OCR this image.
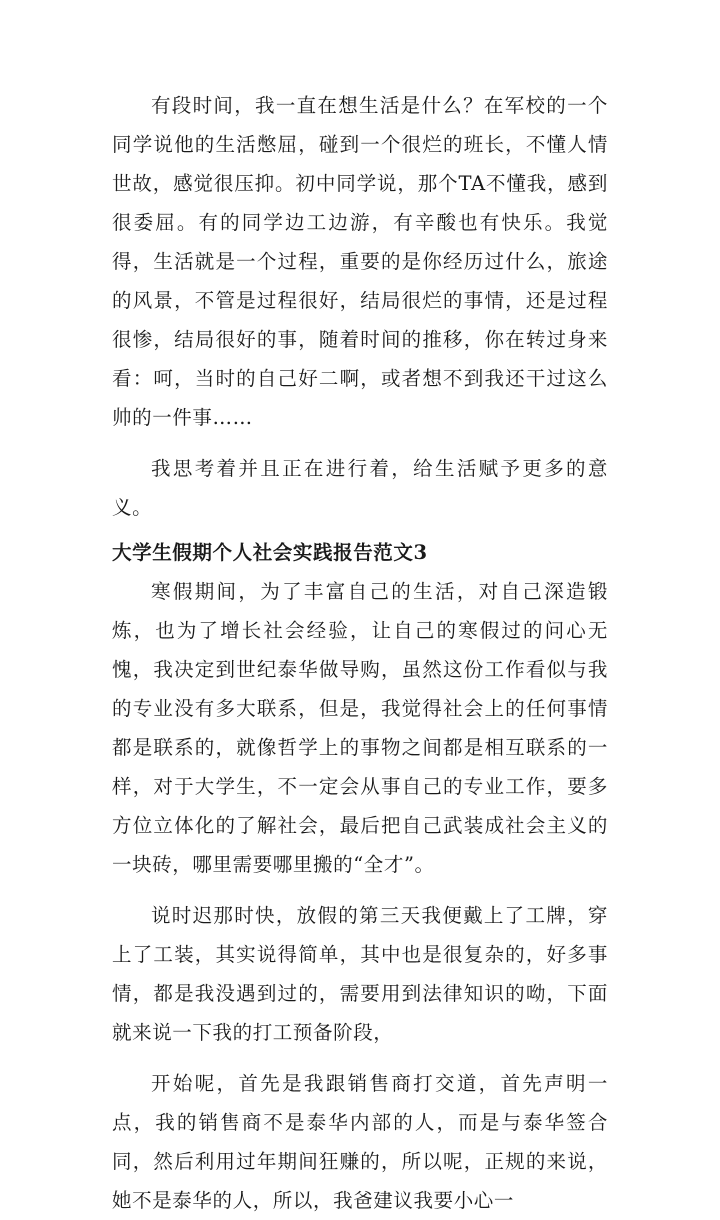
有段时间，我一直在想生活是什么？在军校的一个同学说他的生活憋屈，碰到一个很烂的班长，不懂人情世故，感觉很压抑。初中同学说，那个TA不懂我，感到很委屈。有的同学边工边游，有辛酸也有快乐。我觉得，生活就是一个过程，重要的是你经历过什么，旅途的风景，不管是过程很好，结局很烂的事情，还是过程很惨，结局很好的事，随着时间的推移，你在转过身来看：呵，当时的自己好二啊，或者想不到我还干过这么帅的一件事……

我思考着并且正在进行着，给生活赋予更多的意义。

大学生假期个人社会实践报告范文3

寒假期间，为了丰富自己的生活，对自己深造锻炼，也为了增长社会经验，让自己的寒假过的问心无愧，我决定到世纪泰华做导购，虽然这份工作看似与我的专业没有多大联系，但是，我觉得社会上的任何事情都是联系的，就像哲学上的事物之间都是相互联系的一样，对于大学生，不一定会从事自己的专业工作，要多方位立体化的了解社会，最后把自己武装成社会主义的一块砖，哪里需要哪里搬的“全才”。

说时迟那时快，放假的第三天我便戴上了工牌，穿上了工装，其实说得简单，其中也是很复杂的，好多事情，都是我没遇到过的，需要用到法律知识的呦，下面就来说一下我的打工预备阶段，

开始呢，首先是我跟销售商打交道，首先声明一点，我的销售商不是泰华内部的人，而是与泰华签合同，然后利用过年期间狂赚的，所以呢，正规的来说，她不是泰华的人，所以，我爸建议我要小心一
